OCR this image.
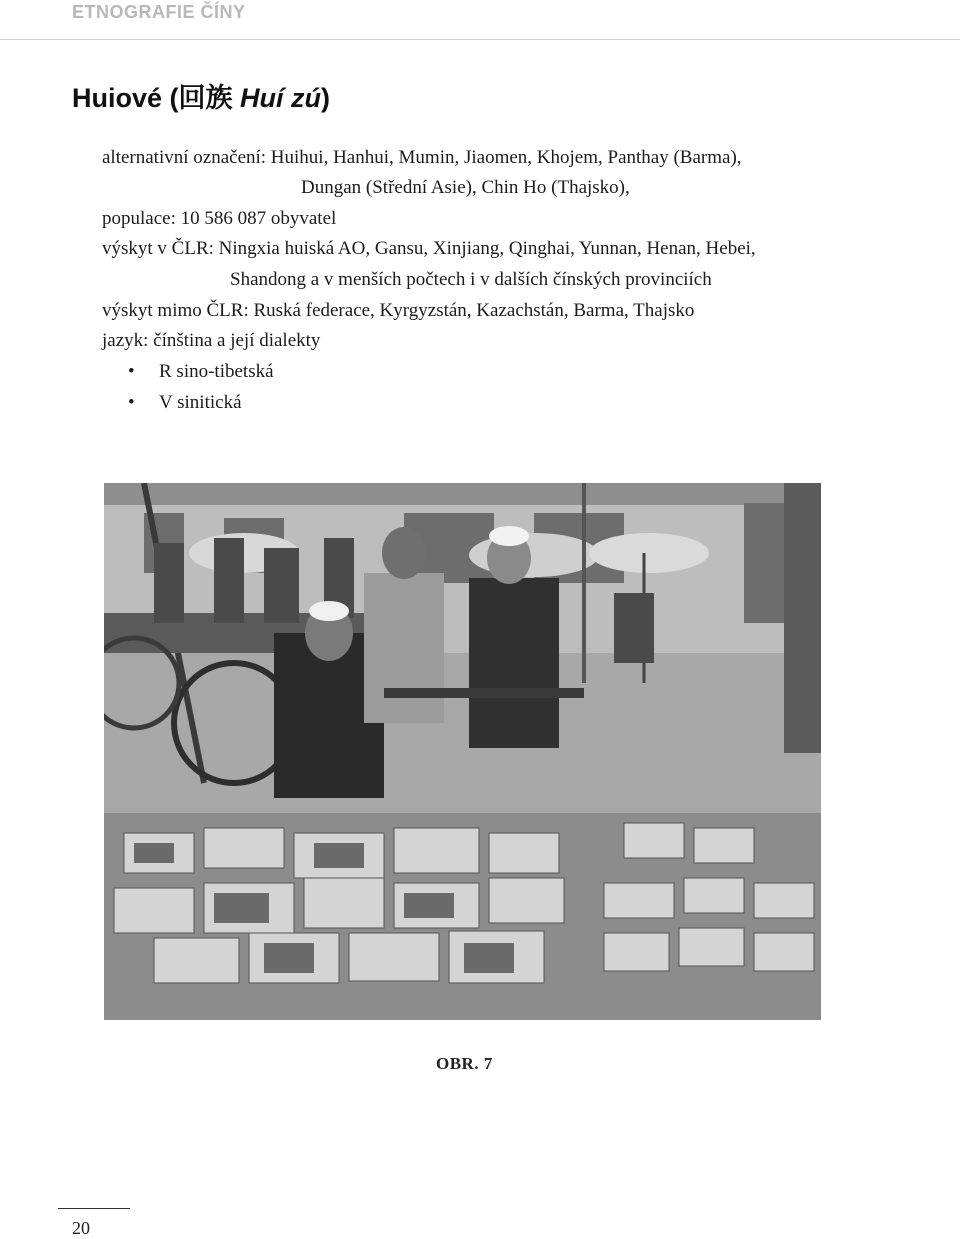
ETNOGRAFIE ČÍNY
Huiové (回族 Huí zú)
alternativní označení: Huihui, Hanhui, Mumin, Jiaomen, Khojem, Panthay (Barma),
Dungan (Střední Asie), Chin Ho (Thajsko),
populace: 10 586 087 obyvatel
výskyt v ČLR: Ningxia huiská AO, Gansu, Xinjiang, Qinghai, Yunnan, Henan, Hebei,
Shandong a v menších počtech i v dalších čínských provinciích
výskyt mimo ČLR: Ruská federace, Kyrgyzstán, Kazachstán, Barma, Thajsko
jazyk: čínština a její dialekty
• R sino-tibetská
• V sinitická
OBR. 7
20
